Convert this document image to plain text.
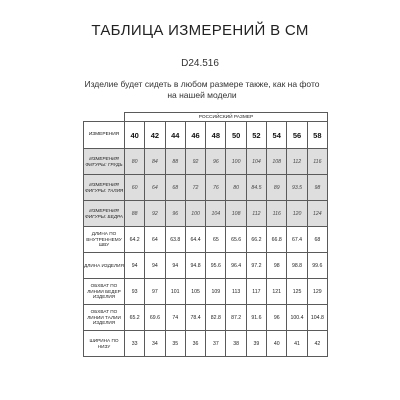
ТАБЛИЦА ИЗМЕРЕНИЙ В СМ
D24.516
Изделие будет сидеть в любом размере также, как на фото на нашей модели
	РОССИЙСКИЙ РАЗМЕР									
ИЗМЕРЕНИЯ	40	42	44	46	48	50	52	54	56	58
ИЗМЕРЕНИЯ ФИГУРЫ: ГРУДЬ	80	84	88	92	96	100	104	108	112	116
ИЗМЕРЕНИЯ ФИГУРЫ: ТАЛИЯ	60	64	68	72	76	80	84.5	89	93.5	98
ИЗМЕРЕНИЯ ФИГУРЫ: БЕДРА	88	92	96	100	104	108	112	116	120	124
ДЛИНА ПО ВНУТРЕННЕМУ ШВУ	64.2	64	63.8	64.4	65	65.6	66.2	66.8	67.4	68
ДЛИНА ИЗДЕЛИЯ	94	94	94	94.8	95.6	96.4	97.2	98	98.8	99.6
ОБХВАТ ПО ЛИНИИ БЕДЕР ИЗДЕЛИЯ	93	97	101	105	109	113	117	121	125	129
ОБХВАТ ПО ЛИНИИ ТАЛИИ ИЗДЕЛИЯ	65.2	69.6	74	78.4	82.8	87.2	91.6	96	100.4	104.8
ШИРИНА ПО НИЗУ	33	34	35	36	37	38	39	40	41	42
